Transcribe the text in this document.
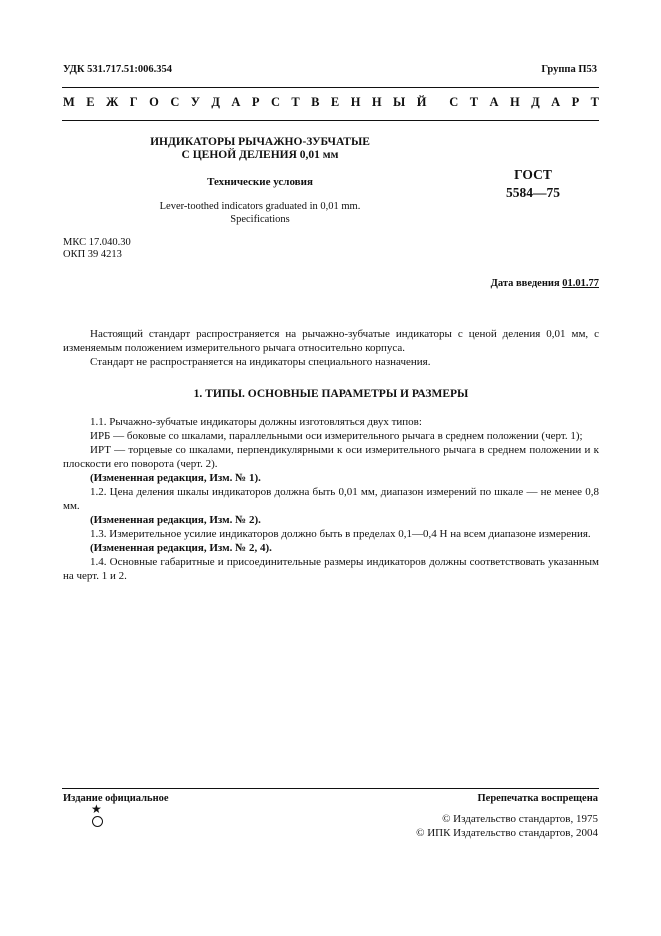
УДК 531.717.51:006.354	Группа П53
М Е Ж Г О С У Д А Р С Т В Е Н Н Ы Й С Т А Н Д А Р Т
ИНДИКАТОРЫ РЫЧАЖНО-ЗУБЧАТЫЕ
С ЦЕНОЙ ДЕЛЕНИЯ 0,01 мм
Технические условия
Lever-toothed indicators graduated in 0,01 mm.
Specifications
ГОСТ
5584—75
МКС 17.040.30
ОКП 39 4213
Дата введения 01.01.77

Настоящий стандарт распространяется на рычажно-зубчатые индикаторы с ценой деления 0,01 мм, с изменяемым положением измерительного рычага относительно корпуса.

Стандарт не распространяется на индикаторы специального назначения.

1. ТИПЫ. ОСНОВНЫЕ ПАРАМЕТРЫ И РАЗМЕРЫ

1.1. Рычажно-зубчатые индикаторы должны изготовляться двух типов:

ИРБ — боковые со шкалами, параллельными оси измерительного рычага в среднем положении (черт. 1);

ИРТ — торцевые со шкалами, перпендикулярными к оси измерительного рычага в среднем положении и к плоскости его поворота (черт. 2).

(Измененная редакция, Изм. № 1).

1.2. Цена деления шкалы индикаторов должна быть 0,01 мм, диапазон измерений по шкале — не менее 0,8 мм.

(Измененная редакция, Изм. № 2).

1.3. Измерительное усилие индикаторов должно быть в пределах 0,1—0,4 Н на всем диапазоне измерения.

(Измененная редакция, Изм. № 2, 4).

1.4. Основные габаритные и присоединительные размеры индикаторов должны соответствовать указанным на черт. 1 и 2.

Издание официальное	Перепечатка воспрещена
★
© Издательство стандартов, 1975
© ИПК Издательство стандартов, 2004
